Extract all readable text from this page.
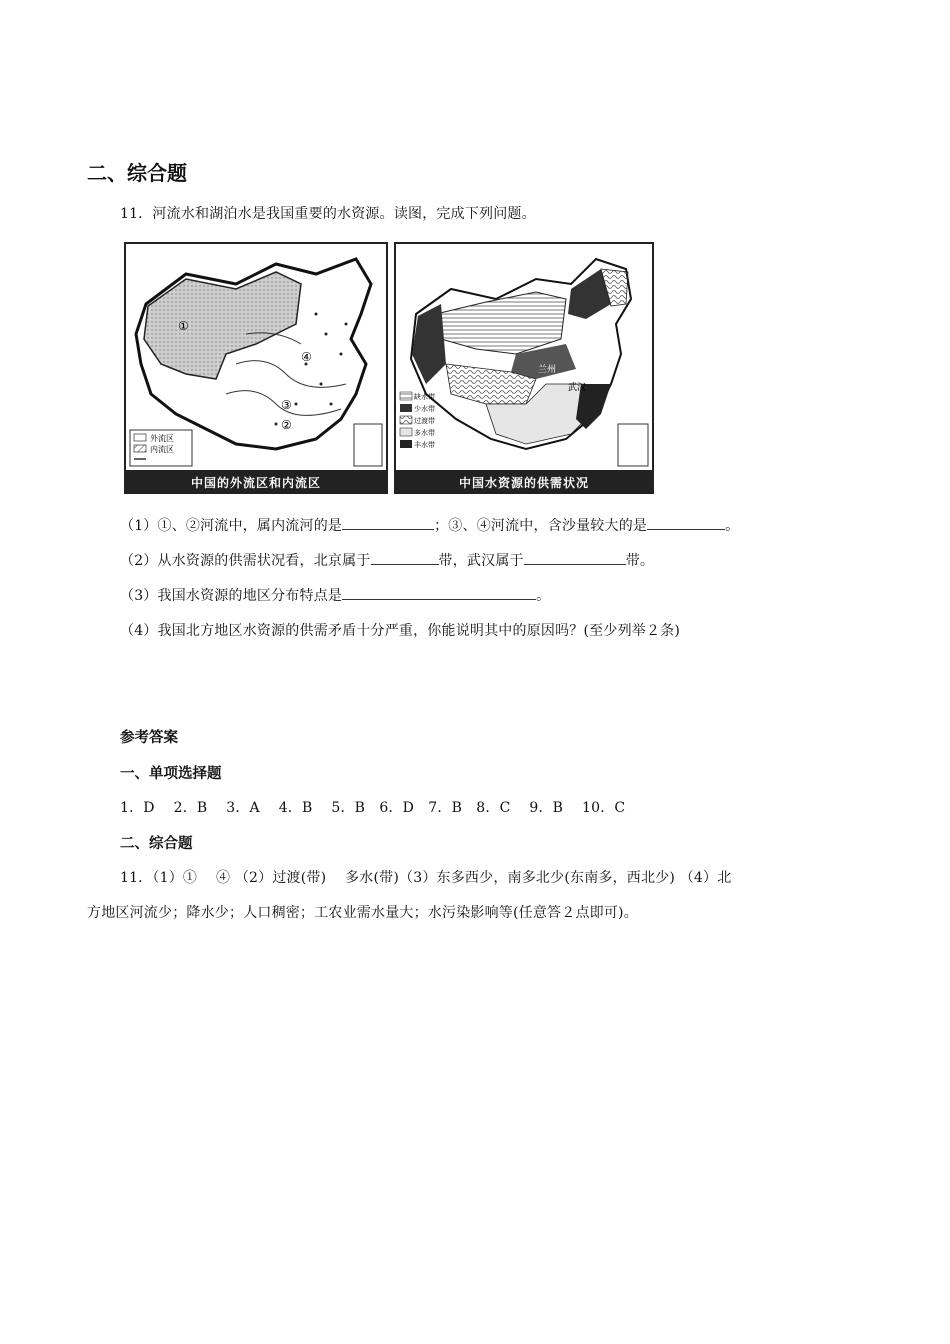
二、综合题
11．河流水和湖泊水是我国重要的水资源。读图，完成下列问题。
①
④
③
②
外流区
内流区
中国的外流区和内流区
北京
兰州
武汉
缺水带
少水带
过渡带
多水带
丰水带
中国水资源的供需状况
（1）①、②河流中，属内流河的是	；③、④河流中，含沙量较大的是	。
（2）从水资源的供需状况看，北京属于	带，武汉属于	带。
（3）我国水资源的地区分布特点是	。
（4）我国北方地区水资源的供需矛盾十分严重，你能说明其中的原因吗？(至少列举２条)
参考答案
一、单项选择题
1．D　 2．B　 3．A　 4．B　 5．B　6．D　7．B　8．C　 9．B　 10．C
二、综合题
11．（1）①　 ④ （2）过渡(带)　 多水(带)（3）东多西少，南多北少(东南多，西北少) （4）北
方地区河流少；降水少；人口稠密；工农业需水量大；水污染影响等(任意答２点即可)。
